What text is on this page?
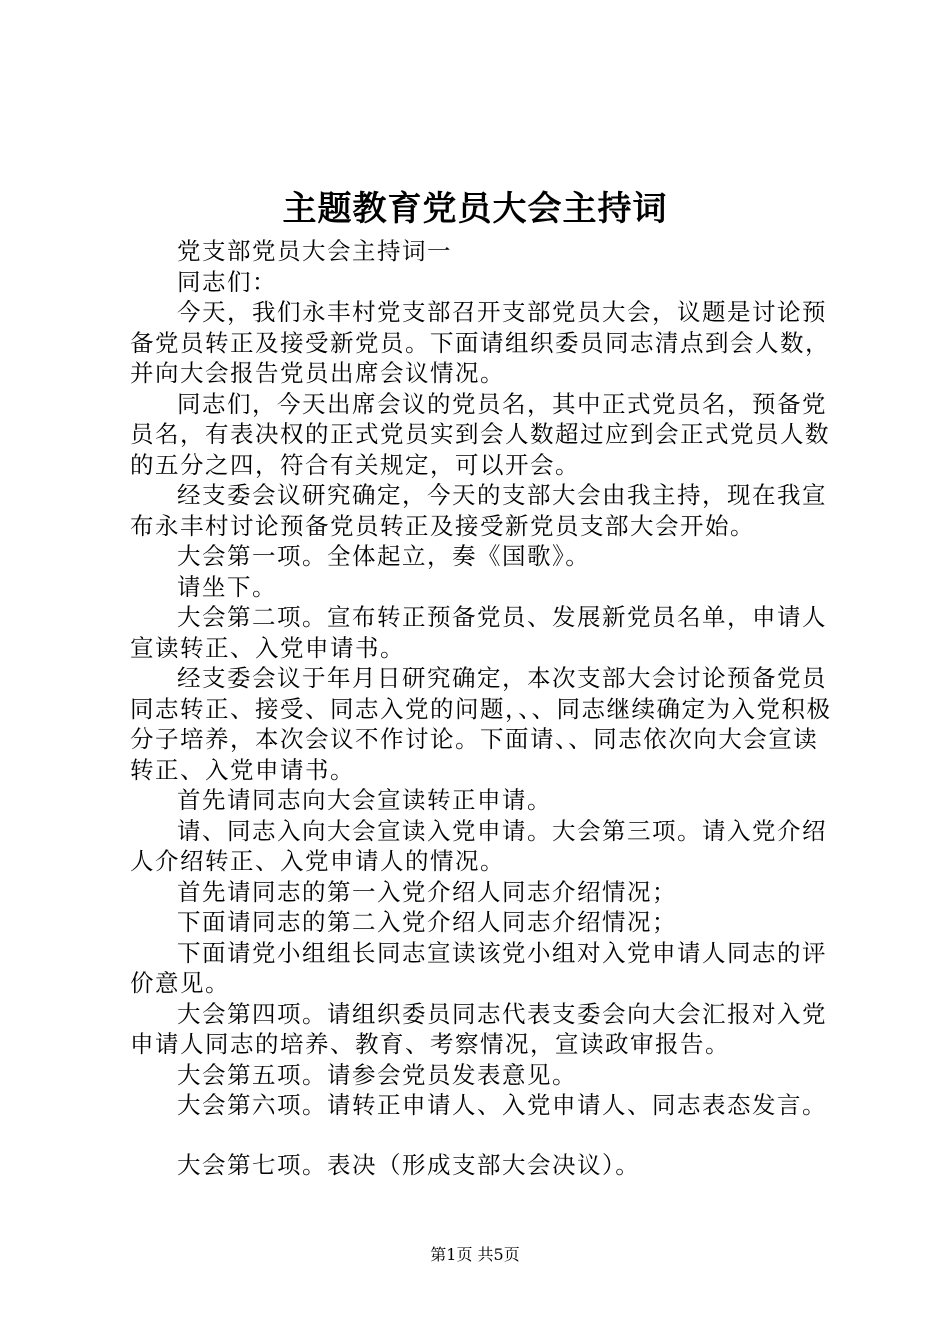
主题教育党员大会主持词

党支部党员大会主持词一

同志们：

今天，我们永丰村党支部召开支部党员大会，议题是讨论预备党员转正及接受新党员。下面请组织委员同志清点到会人数，并向大会报告党员出席会议情况。

同志们，今天出席会议的党员名，其中正式党员名，预备党员名，有表决权的正式党员实到会人数超过应到会正式党员人数的五分之四，符合有关规定，可以开会。

经支委会议研究确定，今天的支部大会由我主持，现在我宣布永丰村讨论预备党员转正及接受新党员支部大会开始。

大会第一项。全体起立，奏《国歌》。

请坐下。

大会第二项。宣布转正预备党员、发展新党员名单，申请人宣读转正、入党申请书。

经支委会议于年月日研究确定，本次支部大会讨论预备党员同志转正、接受、同志入党的问题，、、同志继续确定为入党积极分子培养，本次会议不作讨论。下面请、、同志依次向大会宣读转正、入党申请书。

首先请同志向大会宣读转正申请。

请、同志入向大会宣读入党申请。大会第三项。请入党介绍人介绍转正、入党申请人的情况。

首先请同志的第一入党介绍人同志介绍情况；

下面请同志的第二入党介绍人同志介绍情况；

下面请党小组组长同志宣读该党小组对入党申请人同志的评价意见。

大会第四项。请组织委员同志代表支委会向大会汇报对入党申请人同志的培养、教育、考察情况，宣读政审报告。

大会第五项。请参会党员发表意见。

大会第六项。请转正申请人、入党申请人、同志表态发言。

大会第七项。表决（形成支部大会决议）。

第1页 共5页
